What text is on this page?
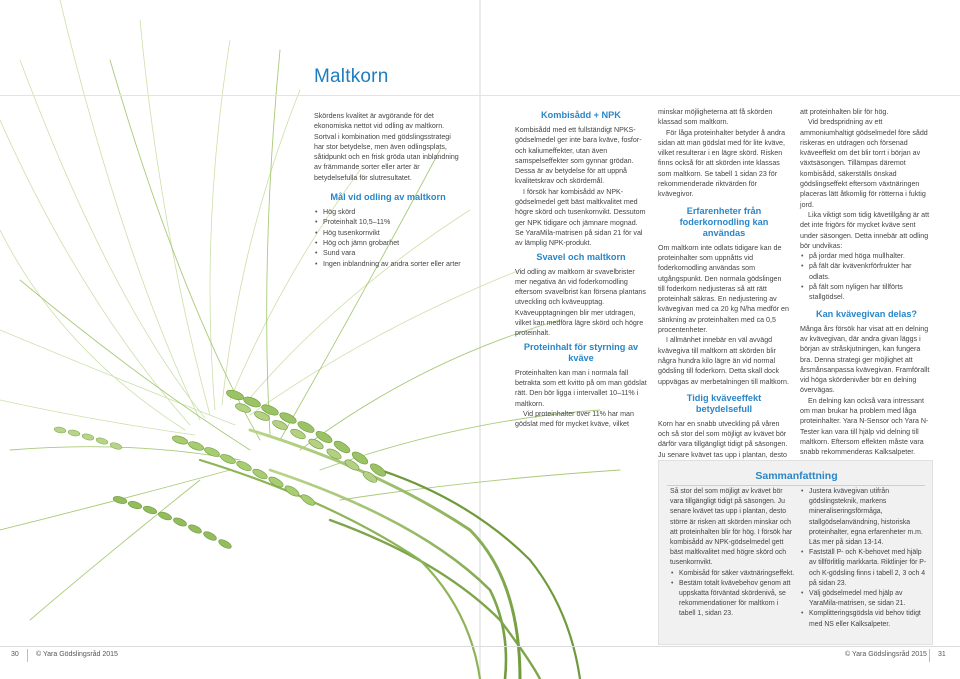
Maltkorn

Skördens kvalitet är avgörande för det ekonomiska nettot vid odling av maltkorn. Sortval i kombination med gödslingsstrategi har stor betydelse, men även odlingsplats, såtidpunkt och en frisk gröda utan inblandning av främmande sorter eller arter är betydelsefulla för slutresultatet.

Mål vid odling av maltkorn
• Hög skörd
• Proteinhalt 10,5–11%
• Hög tusenkornvikt
• Hög och jämn grobarhet
• Sund vara
• Ingen inblandning av andra sorter eller arter
Kombisådd + NPK

Kombisådd med ett fullständigt NPKS-gödselmedel ger inte bara kväve, fosfor- och kaliumeffekter, utan även samspelseffekter som gynnar grödan. Dessa är av betydelse för att uppnå kvalitetskrav och skördemål.

I försök har kombisådd av NPK-gödselmedel gett bäst maltkvalitet med högre skörd och tusenkornvikt. Dessutom ger NPK tidigare och jämnare mognad. Se YaraMila-matrisen på sidan 21 för val av lämplig NPK-produkt.

Svavel och maltkorn

Vid odling av maltkorn är svavelbrister mer negativa än vid foderkornodling eftersom svavelbrist kan försena plantans utveckling och kväveupptag. Kväveupptagningen blir mer utdragen, vilket kan medföra lägre skörd och högre proteinhalt.

Proteinhalt för styrning av kväve

Proteinhalten kan man i normala fall betrakta som ett kvitto på om man gödslat rätt. Den bör ligga i intervallet 10–11% i maltkorn.

Vid proteinhalter över 11% har man gödslat med för mycket kväve, vilket

minskar möjligheterna att få skörden klassad som maltkorn.

För låga proteinhalter betyder å andra sidan att man gödslat med för lite kväve, vilket resulterar i en lägre skörd. Risken finns också för att skörden inte klassas som maltkorn. Se tabell 1 sidan 23 för rekommenderade riktvärden för kvävegivor.

Erfarenheter från foderkornodling kan användas

Om maltkorn inte odlats tidigare kan de proteinhalter som uppnåtts vid foderkornodling användas som utgångspunkt. Den normala gödslingen till foderkorn nedjusteras så att rätt proteinhalt säkras. En nedjustering av kvävegivan med ca 20 kg N/ha medför en sänkning av proteinhalten med ca 0,5 procentenheter.

I allmänhet innebär en väl avvägd kvävegiva till maltkorn att skörden blir några hundra kilo lägre än vid normal gödsling till foderkorn. Detta skall dock uppvägas av merbetalningen till maltkorn.

Tidig kväveeffekt betydelsefull

Korn har en snabb utveckling på våren och så stor del som möjligt av kvävet bör därför vara tillgängligt tidigt på säsongen. Ju senare kvävet tas upp i plantan, desto

att proteinhalten blir för hög.

Vid bredspridning av ett ammoniumhaltigt gödselmedel före sådd riskeras en utdragen och försenad kväveeffekt om det blir torrt i början av växtsäsongen. Tillämpas däremot kombisådd, säkerställs önskad gödslingseffekt eftersom växtnäringen placeras lätt åtkomlig för rötterna i fuktig jord.

Lika viktigt som tidig kävetillgång är att det inte frigörs för mycket kväve sent under säsongen. Detta innebär att odling bör undvikas:

• på jordar med höga mullhalter.
• på fält där kvävenkrförfrukter har odlats.
• på fält som nyligen har tillförts stallgödsel.
Kan kvävegivan delas?

Många års försök har visat att en delning av kvävegivan, där andra givan läggs i början av stråskjutningen, kan fungera bra. Denna strategi ger möjlighet att årsmånsanpassa kvävegivan. Framförallt vid höga skördenivåer bör en delning övervägas.

En delning kan också vara intressant om man brukar ha problem med låga proteinhalter. Yara N-Sensor och Yara N-Tester kan vara till hjälp vid delning till maltkorn. Eftersom effekten måste vara snabb rekommenderas Kalksalpeter.

Sammanfattning

Så stor del som möjligt av kvävet bör vara tillgängligt tidigt på säsongen. Ju senare kvävet tas upp i plantan, desto större är risken att skörden minskar och att proteinhalten blir för hög. I försök har kombisådd av NPK-gödselmedel gett bäst maltkvalitet med högre skörd och tusenkornvikt.

• Kombisåd för säker växtnäringseffekt.
• Bestäm totalt kvävebehov genom att uppskatta förväntad skördenivå, se rekommendationer för maltkorn i tabell 1, sidan 23.
• Justera kvävegivan utifrån gödslingsteknik, markens mineraliseringsförmåga, stallgödselanvändning, historiska proteinhalter, egna erfarenheter m.m. Läs mer på sidan 13-14.
• Fastställ P- och K-behovet med hjälp av tillförlitlig markkarta. Riktlinjer för P- och K-gödsling finns i tabell 2, 3 och 4 på sidan 23.
• Välj gödselmedel med hjälp av YaraMila-matrisen, se sidan 21.
• Komplitteringsgödsla vid behov tidigt med NS eller Kalksalpeter.
30 © Yara Gödslingsråd 2015	© Yara Gödslingsråd 2015 31
